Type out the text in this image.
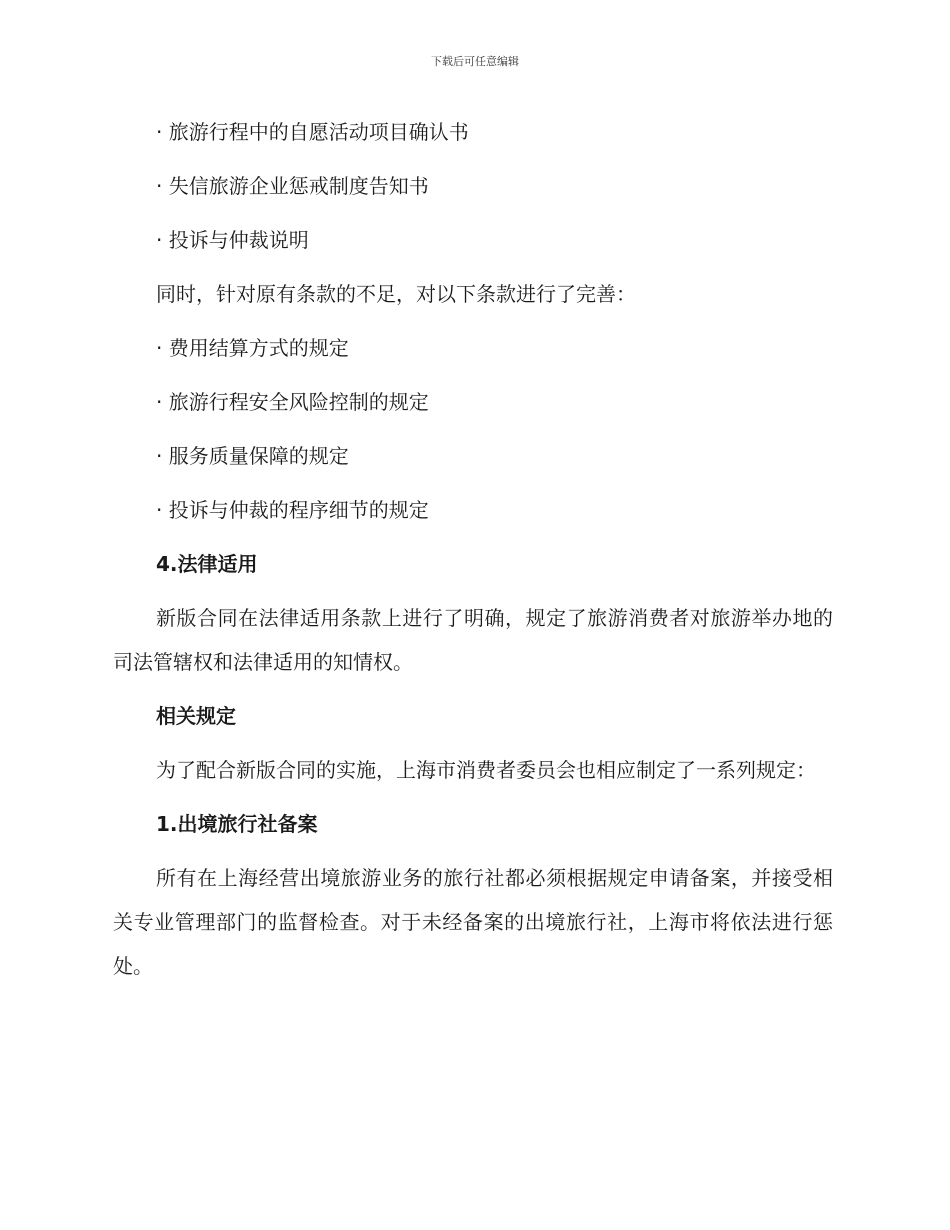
下载后可任意编辑

· 旅游行程中的自愿活动项目确认书

· 失信旅游企业惩戒制度告知书

· 投诉与仲裁说明

同时，针对原有条款的不足，对以下条款进行了完善：

· 费用结算方式的规定

· 旅游行程安全风险控制的规定

· 服务质量保障的规定

· 投诉与仲裁的程序细节的规定

4.法律适用

新版合同在法律适用条款上进行了明确，规定了旅游消费者对旅游举办地的司法管辖权和法律适用的知情权。

相关规定

为了配合新版合同的实施，上海市消费者委员会也相应制定了一系列规定：

1.出境旅行社备案

所有在上海经营出境旅游业务的旅行社都必须根据规定申请备案，并接受相关专业管理部门的监督检查。对于未经备案的出境旅行社，上海市将依法进行惩处。
